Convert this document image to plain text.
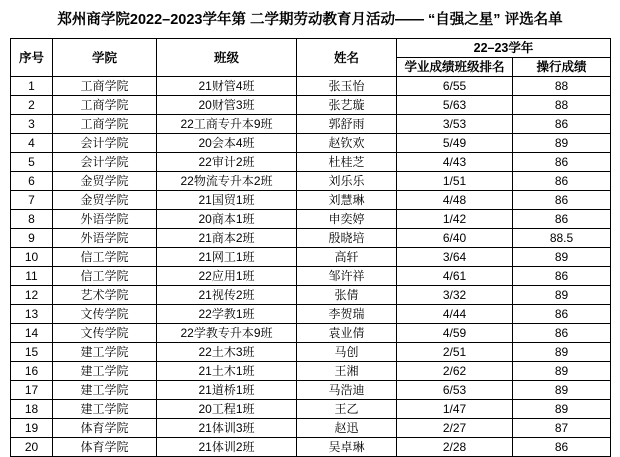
郑州商学院2022–2023学年第 二学期劳动教育月活动—— “自强之星” 评选名单
序号	学院	班级	姓名	22–23学年	
				学业成绩班级排名	操行成绩
1	工商学院	21财管4班	张玉怡	6/55	88
2	工商学院	20财管3班	张艺璇	5/63	88
3	工商学院	22工商专升本9班	郭舒雨	3/53	86
4	会计学院	20会本4班	赵钦欢	5/49	89
5	会计学院	22审计2班	杜桂芝	4/43	86
6	金贸学院	22物流专升本2班	刘乐乐	1/51	86
7	金贸学院	21国贸1班	刘慧琳	4/48	86
8	外语学院	20商本1班	申奕婷	1/42	86
9	外语学院	21商本2班	殷晓培	6/40	88.5
10	信工学院	21网工1班	高轩	3/64	89
11	信工学院	22应用1班	邹许祥	4/61	86
12	艺术学院	21视传2班	张倩	3/32	89
13	文传学院	22学教1班	李贺瑞	4/44	86
14	文传学院	22学教专升本9班	袁业倩	4/59	86
15	建工学院	22土木3班	马创	2/51	89
16	建工学院	21土木1班	王湘	2/62	89
17	建工学院	21道桥1班	马浩迪	6/53	89
18	建工学院	20工程1班	王乙	1/47	89
19	体育学院	21体训3班	赵迅	2/27	87
20	体育学院	21体训2班	吴卓琳	2/28	86
